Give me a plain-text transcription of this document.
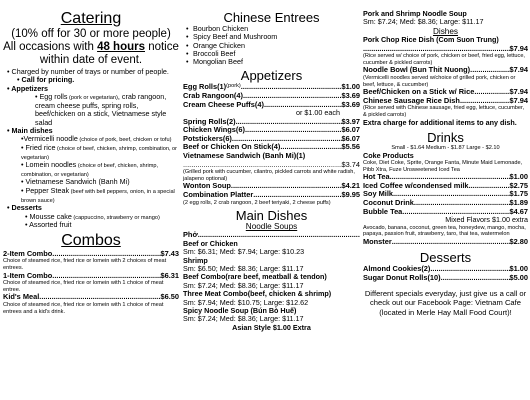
Catering
(10% off for 30 or more people)
All occasions with 48 hours notice within date of event.
• Charged by number of trays or number of people.
• Call for pricing.
• Appetizers
• Egg rolls (pork or vegetarian), crab rangoon, cream cheese puffs, spring rolls, beef/chicken on a stick, Vietnamese style salad
• Main dishes
•Vermicelli noodle (choice of pork, beef, chicken or tofu)
• Fried rice (choice of beef, chicken, shrimp, combination, or vegetarian)
• Lomein noodles (choice of beef, chicken, shrimp, combination, or vegetarian)
• Vietnamese Sandwich (Banh Mi)
• Pepper Steak (beef with bell peppers, onion, in a special brown sauce)
• Desserts
• Mousse cake (cappuccino, strawberry or mango)
• Assorted fruit
Combos
2-Item Combo .....	$7.43
Choice of steamed rice, fried rice or lomein with 2 choices of meat entrees.
1-Item Combo .....	$6.31
Choice of steamed rice, fried rice or lomein with 1 choice of meat entree.
Kid's Meal .....	$6.50
Choice of steamed rice, fried rice or lomein with 1 choice of meat entrees and a kid's drink.
Chinese Entrees
• Bourbon Chicken
• Spicy Beef and Mushroom
• Orange Chicken
• Broccoli Beef
• Mongolian Beef
Appetizers
Egg Rolls (1) (pork) .....	$1.00
Crab Rangoon (4) .....	$3.69
Cream Cheese Puffs (4) .....	$3.69
or $1.00 each
Spring Rolls (2) .....	$3.97
Chicken Wings (6) .....	$6.07
Potstickers (6) .....	$6.07
Beef or Chicken On Stick (4) .....	$5.56
Vietnamese Sandwich (Banh Mi) (1)
.....
$3.74
(Grilled pork with cucumber, cilantro, pickled carrots and white radish, jalapeno optional)
Wonton Soup .....	$4.21
Combination Platter .....	$9.95
(2 egg rolls, 2 crab rangoon, 2 beef teriyaki, 2 cheese puffs)
Main Dishes
Noodle Soups
Phở
.....
Beef or Chicken
Sm: $6.31; Med: $7.94; Large: $10.23
Shrimp
Sm: $6.50; Med: $8.36; Large: $11.17
Beef Combo(rare beef, meatball & tendon)
Sm: $7.24; Med: $8.36; Large: $11.17
Three Meat Combo(beef, chicken & shrimp)
Sm: $7.94; Med: $10.75; Large: $12.62
Spicy Noodle Soup (Bún Bò Huế)
Sm: $7.24; Med: $8.36; Large: $11.17
Asian Style $1.00 Extra
Pork and Shrimp Noodle Soup
Sm: $7.24; Med: $8.36; Large: $11.17
Dishes
Pork Chop Rice Dish (Com Suon Trung)
.....
$7.94
(Rice served w/ choice of pork, chicken or beef, fried egg, lettuce, cucumber & pickled carrots)
Noodle Bowl (Bun Thit Nuong) .....	$7.94
(Vermicelli noodles served w/choice of grilled pork, chicken or beef, lettuce, & cucumber)
Beef/Chicken on a Stick w/ Rice .....	$7.94
Chinese Sausage Rice Dish .....	$7.94
(Rice served with Chinese sausage, fried egg, lettuce, cucumber, & pickled carrots)
Extra charge for additional items to any dish.
Drinks
Small - $1.64 Medium - $1.87 Large - $2.10
Coke Products
Coke, Diet Coke, Sprite, Orange Fanta, Minute Maid Lemonade, Pibb Xtra, Fuze Unsweetened Iced Tea
Hot Tea .....	$1.00
Iced Coffee w/condensed milk .....	$2.75
Soy Milk .....	$1.75
Coconut Drink .....	$1.89
Bubble Tea .....	$4.67
Mixed Flavors $1.00 extra
Avocado, banana, coconut, green tea, honeydew, mango, mocha, papaya, passion fruit, strawberry, taro, thai tea, watermelon
Monster .....	$2.80
Desserts
Almond Cookies (2) .....	$1.00
Sugar Donut Rolls (10) .....	$5.00
Different specials everyday, just give us a call or check out our Facebook Page: Vietnam Cafe (located in Merle Hay Mall Food Court)!
